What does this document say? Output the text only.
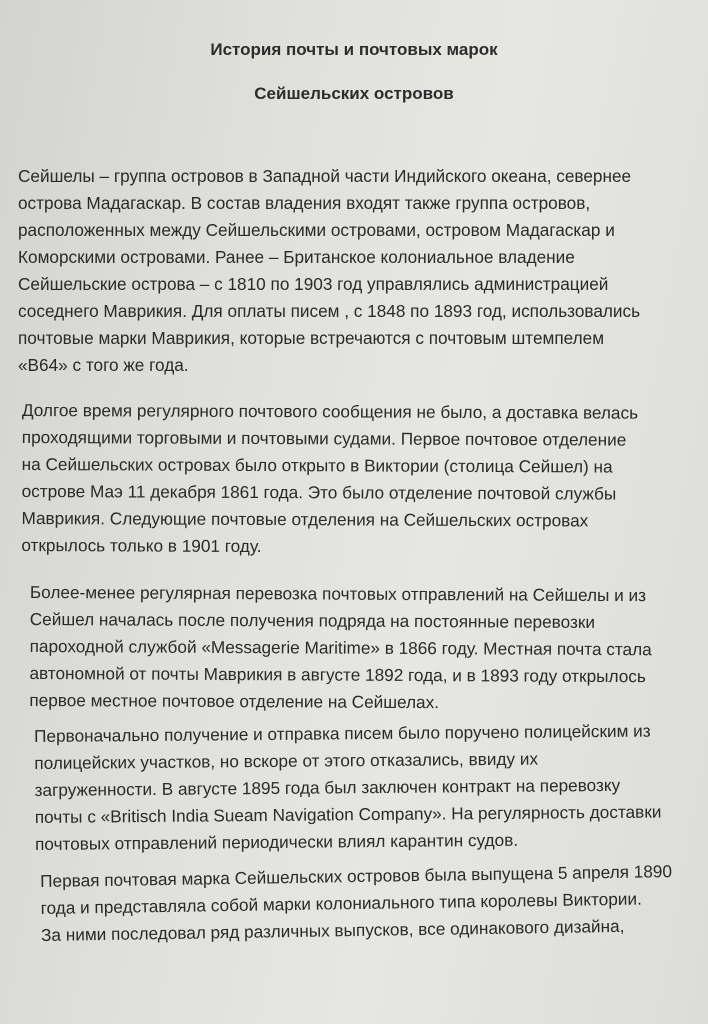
История почты и почтовых марок
Сейшельских островов

Сейшелы – группа островов в Западной части Индийского океана, севернее
острова Мадагаскар. В состав владения входят также группа островов,
расположенных между Сейшельскими островами, островом Мадагаскар и
Коморскими островами. Ранее – Британское колониальное владение
Сейшельские острова – с 1810 по 1903 год управлялись администрацией
соседнего Маврикия. Для оплаты писем , с 1848 по 1893 год, использовались
почтовые марки Маврикия, которые встречаются с почтовым штемпелем
«В64» с того же года.

Долгое время регулярного почтового сообщения не было, а доставка велась
проходящими торговыми и почтовыми судами. Первое почтовое отделение
на Сейшельских островах было открыто в Виктории (столица Сейшел) на
острове Маэ 11 декабря 1861 года. Это было отделение почтовой службы
Маврикия. Следующие почтовые отделения на Сейшельских островах
открылось только в 1901 году.

Более-менее регулярная перевозка почтовых отправлений на Сейшелы и из
Сейшел началась после получения подряда на постоянные перевозки
пароходной службой «Messagerie Maritime» в 1866 году. Местная почта стала
автономной от почты Маврикия в августе 1892 года, и в 1893 году открылось
первое местное почтовое отделение на Сейшелах.

Первоначально получение и отправка писем было поручено полицейским из
полицейских участков, но вскоре от этого отказались, ввиду их
загруженности. В августе 1895 года был заключен контракт на перевозку
почты с «Britisch India Sueam Navigation Company». На регулярность доставки
почтовых отправлений периодически влиял карантин судов.

Первая почтовая марка Сейшельских островов была выпущена 5 апреля 1890
года и представляла собой марки колониального типа королевы Виктории.
За ними последовал ряд различных выпусков, все одинакового дизайна,
